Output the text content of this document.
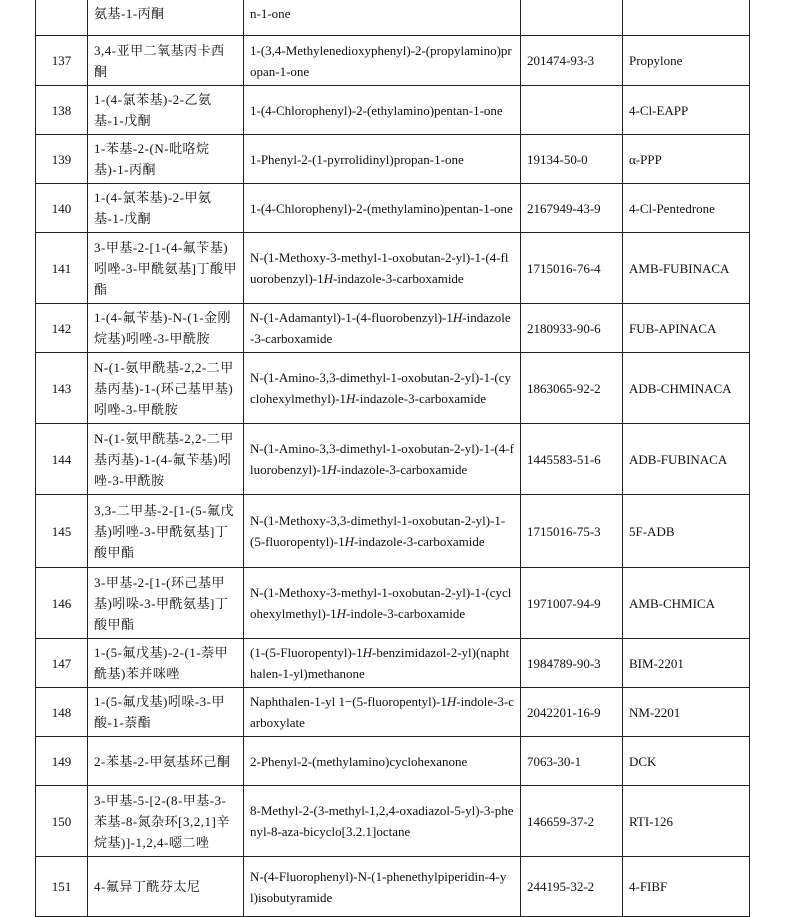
	氨基-1-丙酮	n-1-one		
137	3,4-亚甲二氧基丙卡西酮	1-(3,4-Methylenedioxyphenyl)-2-(propylamino)propan-1-one	201474-93-3	Propylone
138	1-(4-氯苯基)-2-乙氨基-1-戊酮	1-(4-Chlorophenyl)-2-(ethylamino)pentan-1-one		4-Cl-EAPP
139	1-苯基-2-(N-吡咯烷基)-1-丙酮	1-Phenyl-2-(1-pyrrolidinyl)propan-1-one	19134-50-0	α-PPP
140	1-(4-氯苯基)-2-甲氨基-1-戊酮	1-(4-Chlorophenyl)-2-(methylamino)pentan-1-one	2167949-43-9	4-Cl-Pentedrone
141	3-甲基-2-[1-(4-氟苄基)吲唑-3-甲酰氨基]丁酸甲酯	N-(1-Methoxy-3-methyl-1-oxobutan-2-yl)-1-(4-fluorobenzyl)-1H-indazole-3-carboxamide	1715016-76-4	AMB-FUBINACA
142	1-(4-氟苄基)-N-(1-金刚烷基)吲唑-3-甲酰胺	N-(1-Adamantyl)-1-(4-fluorobenzyl)-1H-indazole-3-carboxamide	2180933-90-6	FUB-APINACA
143	N-(1-氨甲酰基-2,2-二甲基丙基)-1-(环己基甲基)吲唑-3-甲酰胺	N-(1-Amino-3,3-dimethyl-1-oxobutan-2-yl)-1-(cyclohexylmethyl)-1H-indazole-3-carboxamide	1863065-92-2	ADB-CHMINACA
144	N-(1-氨甲酰基-2,2-二甲基丙基)-1-(4-氟苄基)吲唑-3-甲酰胺	N-(1-Amino-3,3-dimethyl-1-oxobutan-2-yl)-1-(4-fluorobenzyl)-1H-indazole-3-carboxamide	1445583-51-6	ADB-FUBINACA
145	3,3-二甲基-2-[1-(5-氟戊基)吲唑-3-甲酰氨基]丁酸甲酯	N-(1-Methoxy-3,3-dimethyl-1-oxobutan-2-yl)-1-(5-fluoropentyl)-1H-indazole-3-carboxamide	1715016-75-3	5F-ADB
146	3-甲基-2-[1-(环己基甲基)吲哚-3-甲酰氨基]丁酸甲酯	N-(1-Methoxy-3-methyl-1-oxobutan-2-yl)-1-(cyclohexylmethyl)-1H-indole-3-carboxamide	1971007-94-9	AMB-CHMICA
147	1-(5-氟戊基)-2-(1-萘甲酰基)苯并咪唑	(1-(5-Fluoropentyl)-1H-benzimidazol-2-yl)(naphthalen-1-yl)methanone	1984789-90-3	BIM-2201
148	1-(5-氟戊基)吲哚-3-甲酸-1-萘酯	Naphthalen-1-yl 1−(5-fluoropentyl)-1H-indole-3-carboxylate	2042201-16-9	NM-2201
149	2-苯基-2-甲氨基环己酮	2-Phenyl-2-(methylamino)cyclohexanone	7063-30-1	DCK
150	3-甲基-5-[2-(8-甲基-3-苯基-8-氮杂环[3,2,1]辛烷基)]-1,2,4-噁二唑	8-Methyl-2-(3-methyl-1,2,4-oxadiazol-5-yl)-3-phenyl-8-aza-bicyclo[3.2.1]octane	146659-37-2	RTI-126
151	4-氟异丁酰芬太尼	N-(4-Fluorophenyl)-N-(1-phenethylpiperidin-4-yl)isobutyramide	244195-32-2	4-FIBF
